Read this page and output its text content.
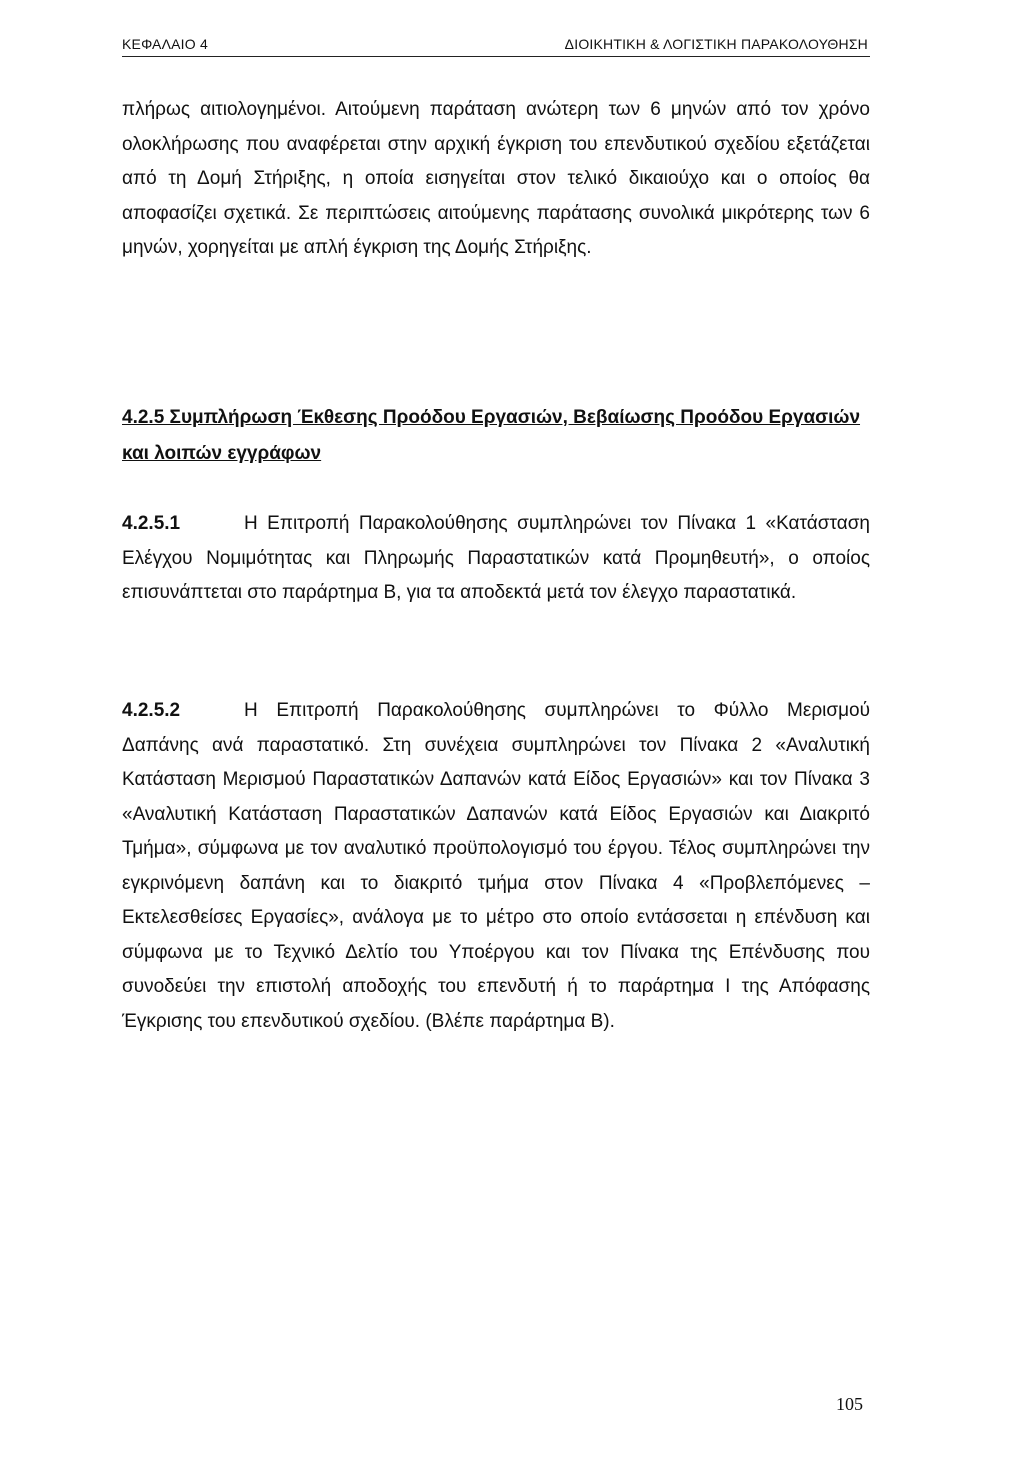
ΚΕΦΑΛΑΙΟ 4	ΔΙΟΙΚΗΤΙΚΗ & ΛΟΓΙΣΤΙΚΗ ΠΑΡΑΚΟΛΟΥΘΗΣΗ

πλήρως αιτιολογημένοι. Αιτούμενη παράταση ανώτερη των 6 μηνών από τον χρόνο ολοκλήρωσης που αναφέρεται στην αρχική έγκριση του επενδυτικού σχεδίου εξετάζεται από τη Δομή Στήριξης, η οποία εισηγείται στον τελικό δικαιούχο και ο οποίος θα αποφασίζει σχετικά. Σε περιπτώσεις αιτούμενης παράτασης συνολικά μικρότερης των 6 μηνών, χορηγείται με απλή έγκριση της Δομής Στήριξης.

4.2.5 Συμπλήρωση Έκθεσης Προόδου Εργασιών, Βεβαίωσης Προόδου Εργασιών και λοιπών εγγράφων

4.2.5.1	Η Επιτροπή Παρακολούθησης συμπληρώνει τον Πίνακα 1 «Κατάσταση Ελέγχου Νομιμότητας και Πληρωμής Παραστατικών κατά Προμηθευτή», ο οποίος επισυνάπτεται στο παράρτημα Β, για τα αποδεκτά μετά τον έλεγχο παραστατικά.

4.2.5.2	Η Επιτροπή Παρακολούθησης συμπληρώνει το Φύλλο Μερισμού Δαπάνης ανά παραστατικό. Στη συνέχεια συμπληρώνει τον Πίνακα 2 «Αναλυτική Κατάσταση Μερισμού Παραστατικών Δαπανών κατά Είδος Εργασιών» και τον Πίνακα 3 «Αναλυτική Κατάσταση Παραστατικών Δαπανών κατά Είδος Εργασιών και Διακριτό Τμήμα», σύμφωνα με τον αναλυτικό προϋπολογισμό του έργου. Τέλος συμπληρώνει την εγκρινόμενη δαπάνη και το διακριτό τμήμα στον Πίνακα 4 «Προβλεπόμενες – Εκτελεσθείσες Εργασίες», ανάλογα με το μέτρο στο οποίο εντάσσεται η επένδυση και σύμφωνα με το Τεχνικό Δελτίο του Υποέργου και τον Πίνακα της Επένδυσης που συνοδεύει την επιστολή αποδοχής του επενδυτή ή το παράρτημα Ι της Απόφασης Έγκρισης του επενδυτικού σχεδίου. (Βλέπε παράρτημα Β).

105
